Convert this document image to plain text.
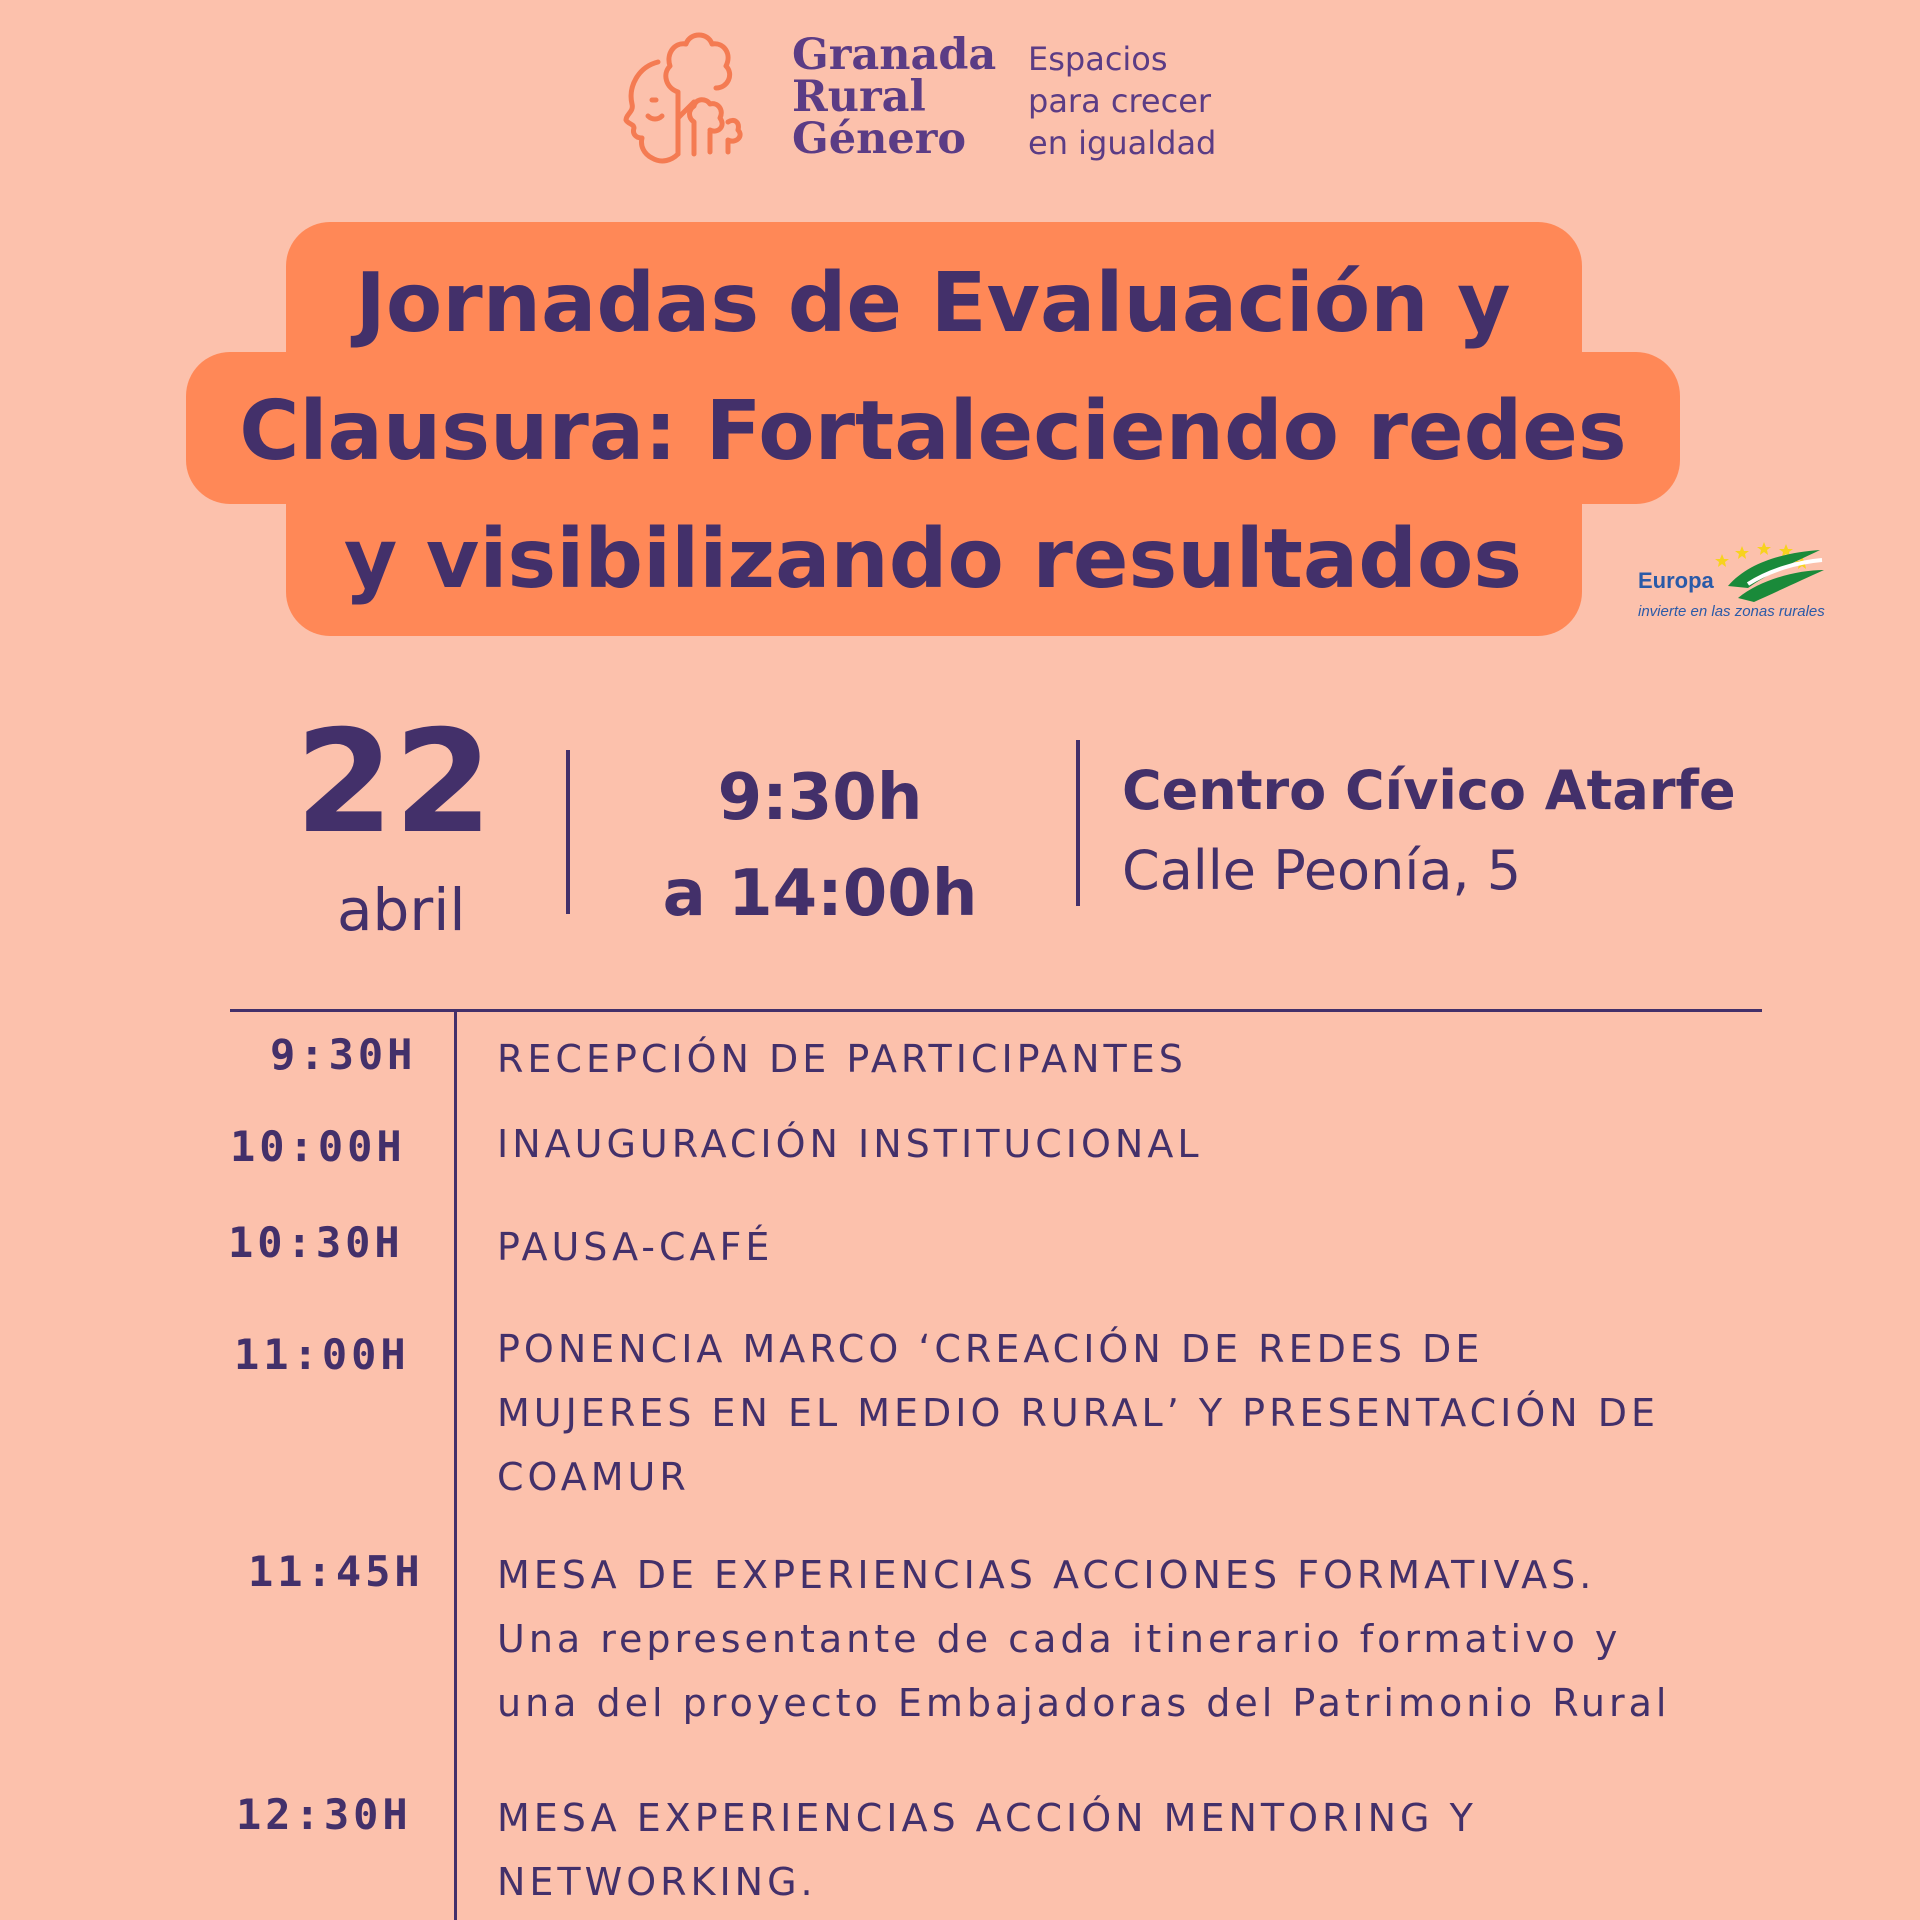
Granada
Rural
Género
Espacios
para crecer
en igualdad
Jornadas de Evaluación y
Clausura: Fortaleciendo redes
y visibilizando resultados	Europa
invierte en las zonas rurales
22
abril
9:30h
a 14:00h
Centro Cívico Atarfe
Calle Peonía, 5
9:30H RECEPCIÓN DE PARTICIPANTES
10:00H INAUGURACIÓN INSTITUCIONAL
10:30H PAUSA-CAFÉ
11:00H PONENCIA MARCO ‘CREACIÓN DE REDES DE
MUJERES EN EL MEDIO RURAL’ Y PRESENTACIÓN DE
COAMUR
11:45H MESA DE EXPERIENCIAS ACCIONES FORMATIVAS.
Una representante de cada itinerario formativo y
una del proyecto Embajadoras del Patrimonio Rural
12:30H MESA EXPERIENCIAS ACCIÓN MENTORING Y
NETWORKING.
